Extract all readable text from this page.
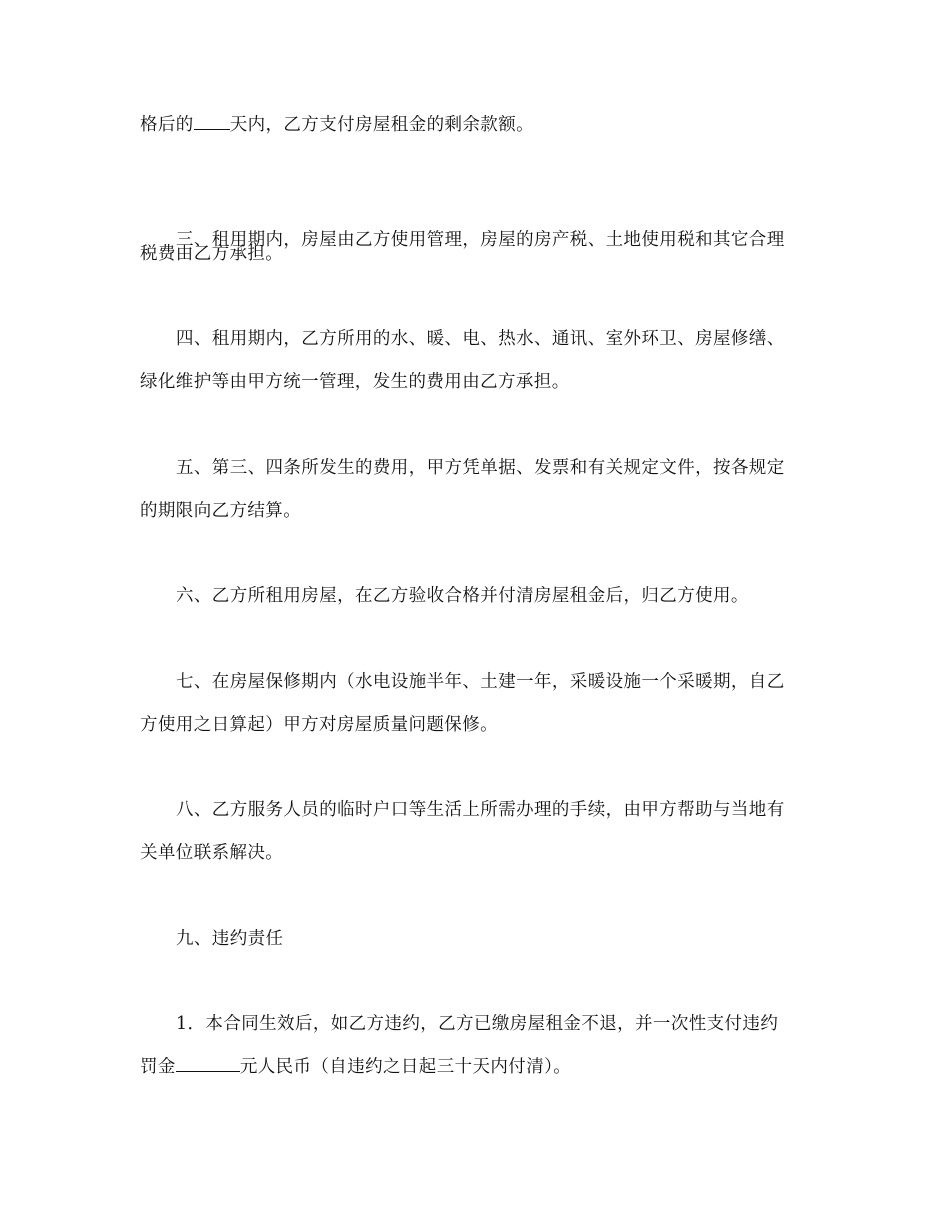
格后的 天内，乙方支付房屋租金的剩余款额。
三、租用期内，房屋由乙方使用管理，房屋的房产税、土地使用税和其它合理
税费由乙方承担。
四、租用期内，乙方所用的水、暖、电、热水、通讯、室外环卫、房屋修缮、
绿化维护等由甲方统一管理，发生的费用由乙方承担。
五、第三、四条所发生的费用，甲方凭单据、发票和有关规定文件，按各规定
的期限向乙方结算。
六、乙方所租用房屋，在乙方验收合格并付清房屋租金后，归乙方使用。
七、在房屋保修期内（水电设施半年、土建一年，采暖设施一个采暖期，自乙
方使用之日算起）甲方对房屋质量问题保修。
八、乙方服务人员的临时户口等生活上所需办理的手续，由甲方帮助与当地有
关单位联系解决。
九、违约责任
1．本合同生效后，如乙方违约，乙方已缴房屋租金不退，并一次性支付违约
罚金	元人民币（自违约之日起三十天内付清）。
